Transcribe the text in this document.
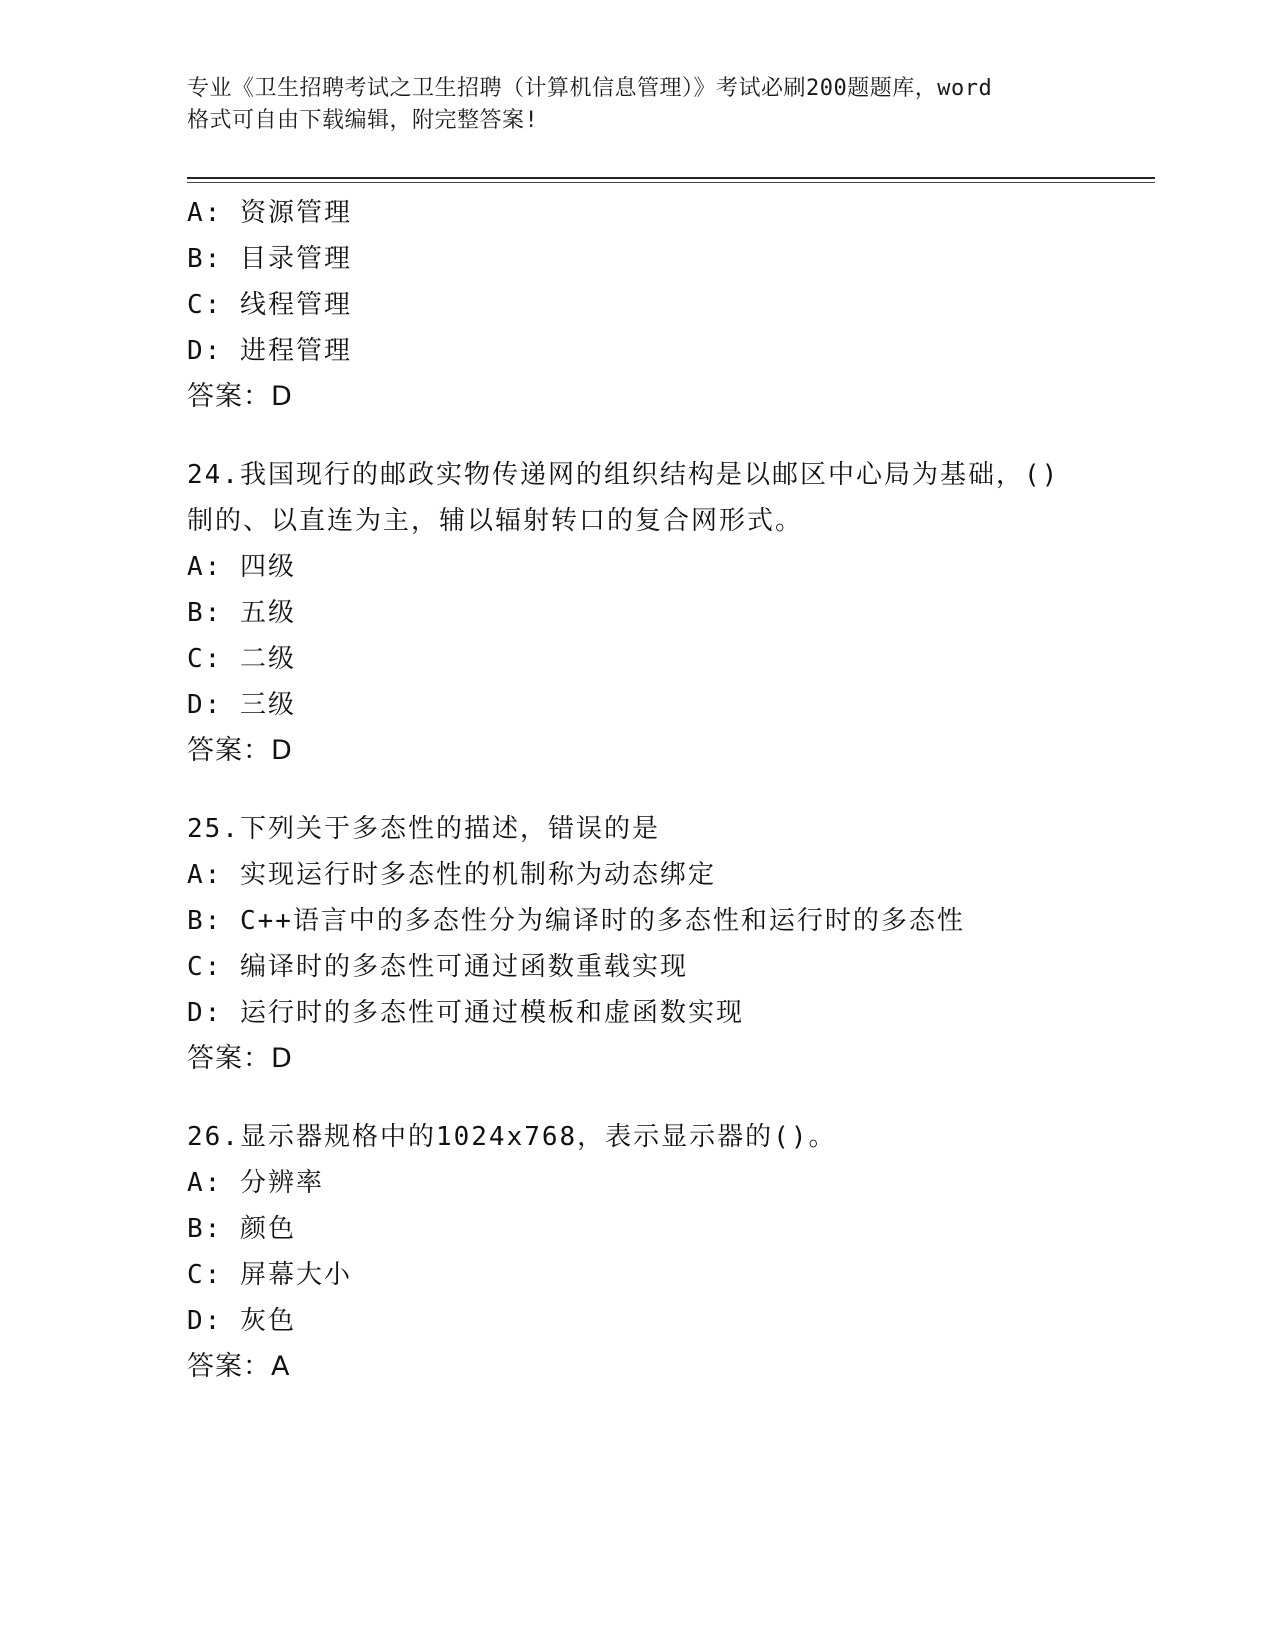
专业《卫生招聘考试之卫生招聘（计算机信息管理）》考试必刷200题题库，word
格式可自由下载编辑，附完整答案!
A: 资源管理
B: 目录管理
C: 线程管理
D: 进程管理
答案：D
24.我国现行的邮政实物传递网的组织结构是以邮区中心局为基础，()
制的、以直连为主，辅以辐射转口的复合网形式。
A: 四级
B: 五级
C: 二级
D: 三级
答案：D
25.下列关于多态性的描述，错误的是
A: 实现运行时多态性的机制称为动态绑定
B: C++语言中的多态性分为编译时的多态性和运行时的多态性
C: 编译时的多态性可通过函数重载实现
D: 运行时的多态性可通过模板和虚函数实现
答案：D
26.显示器规格中的1024x768，表示显示器的()。
A: 分辨率
B: 颜色
C: 屏幕大小
D: 灰色
答案：A
